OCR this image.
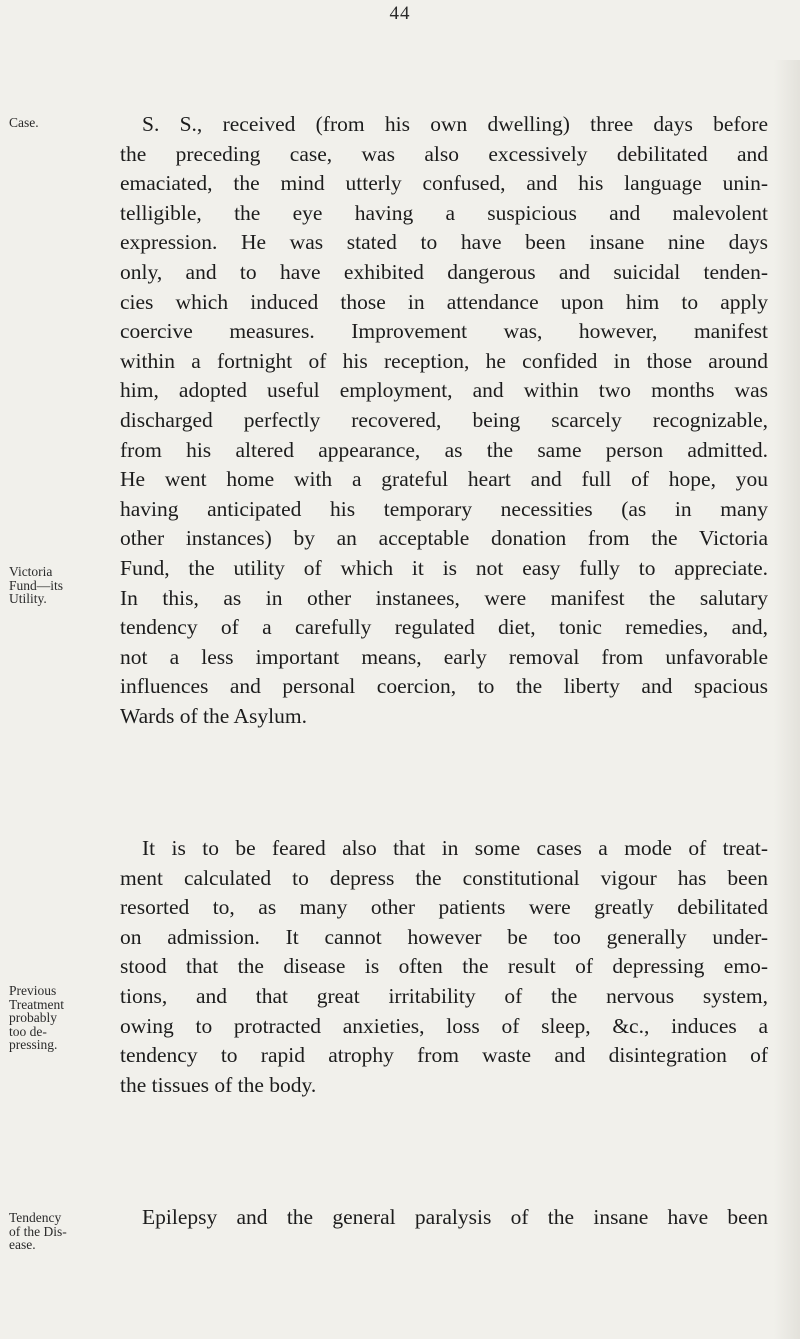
44
Case.
Victoria
Fund—its
Utility.
Previous
Treatment
probably
too de-
pressing.
Tendency
of the Dis-
ease.
S. S., received (from his own dwelling) three days before
the preceding case, was also excessively debilitated and
emaciated, the mind utterly confused, and his language unin-
telligible, the eye having a suspicious and malevolent
expression. He was stated to have been insane nine days
only, and to have exhibited dangerous and suicidal tenden-
cies which induced those in attendance upon him to apply
coercive measures. Improvement was, however, manifest
within a fortnight of his reception, he confided in those around
him, adopted useful employment, and within two months was
discharged perfectly recovered, being scarcely recognizable,
from his altered appearance, as the same person admitted.
He went home with a grateful heart and full of hope, you
having anticipated his temporary necessities (as in many
other instances) by an acceptable donation from the Victoria
Fund, the utility of which it is not easy fully to appreciate.
In this, as in other instanees, were manifest the salutary
tendency of a carefully regulated diet, tonic remedies, and,
not a less important means, early removal from unfavorable
influences and personal coercion, to the liberty and spacious
Wards of the Asylum.
It is to be feared also that in some cases a mode of treat-
ment calculated to depress the constitutional vigour has been
resorted to, as many other patients were greatly debilitated
on admission. It cannot however be too generally under-
stood that the disease is often the result of depressing emo-
tions, and that great irritability of the nervous system,
owing to protracted anxieties, loss of sleep, &c., induces a
tendency to rapid atrophy from waste and disintegration of
the tissues of the body.
Epilepsy and the general paralysis of the insane have been
